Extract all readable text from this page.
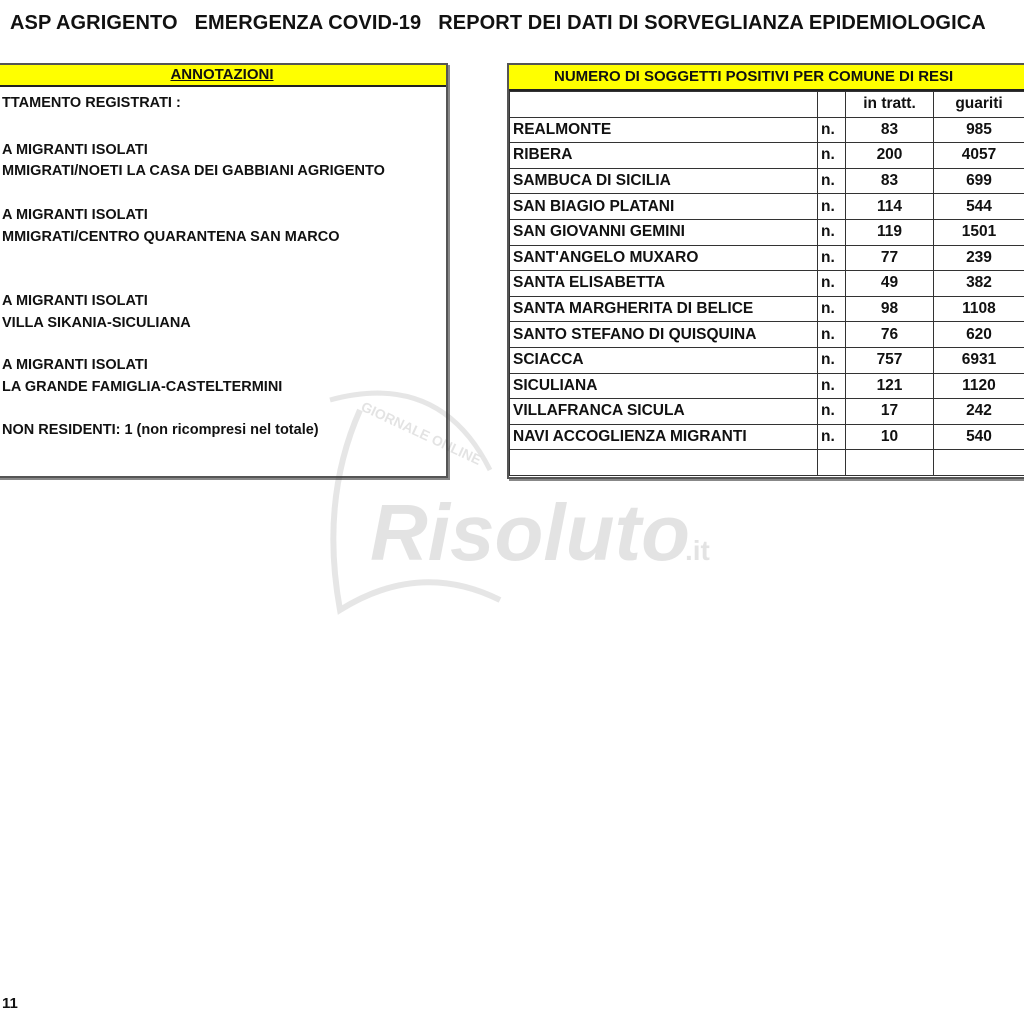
ASP AGRIGENTO   EMERGENZA COVID-19   REPORT DEI DATI DI SORVEGLIANZA EPIDEMIOLOGICA
ANNOTAZIONI
TTAMENTO REGISTRATI :
A MIGRANTI ISOLATI
MMIGRATI/NOETI LA CASA DEI GABBIANI AGRIGENTO
A MIGRANTI ISOLATI
MMIGRATI/CENTRO QUARANTENA SAN MARCO
A MIGRANTI ISOLATI
VILLA SIKANIA-SICULIANA
A MIGRANTI ISOLATI
LA GRANDE FAMIGLIA-CASTELTERMINI
NON RESIDENTI: 1 (non ricompresi nel totale)
NUMERO DI SOGGETTI POSITIVI PER COMUNE DI RESI
		in tratt.	guariti
REALMONTE	n.	83	985
RIBERA	n.	200	4057
SAMBUCA DI SICILIA	n.	83	699
SAN BIAGIO PLATANI	n.	114	544
SAN GIOVANNI GEMINI	n.	119	1501
SANT'ANGELO MUXARO	n.	77	239
SANTA ELISABETTA	n.	49	382
SANTA MARGHERITA DI BELICE	n.	98	1108
SANTO STEFANO DI QUISQUINA	n.	76	620
SCIACCA	n.	757	6931
SICULIANA	n.	121	1120
VILLAFRANCA SICULA	n.	17	242
NAVI ACCOGLIENZA MIGRANTI	n.	10	540

GIORNALE ONLINE
Risoluto
.it
11
